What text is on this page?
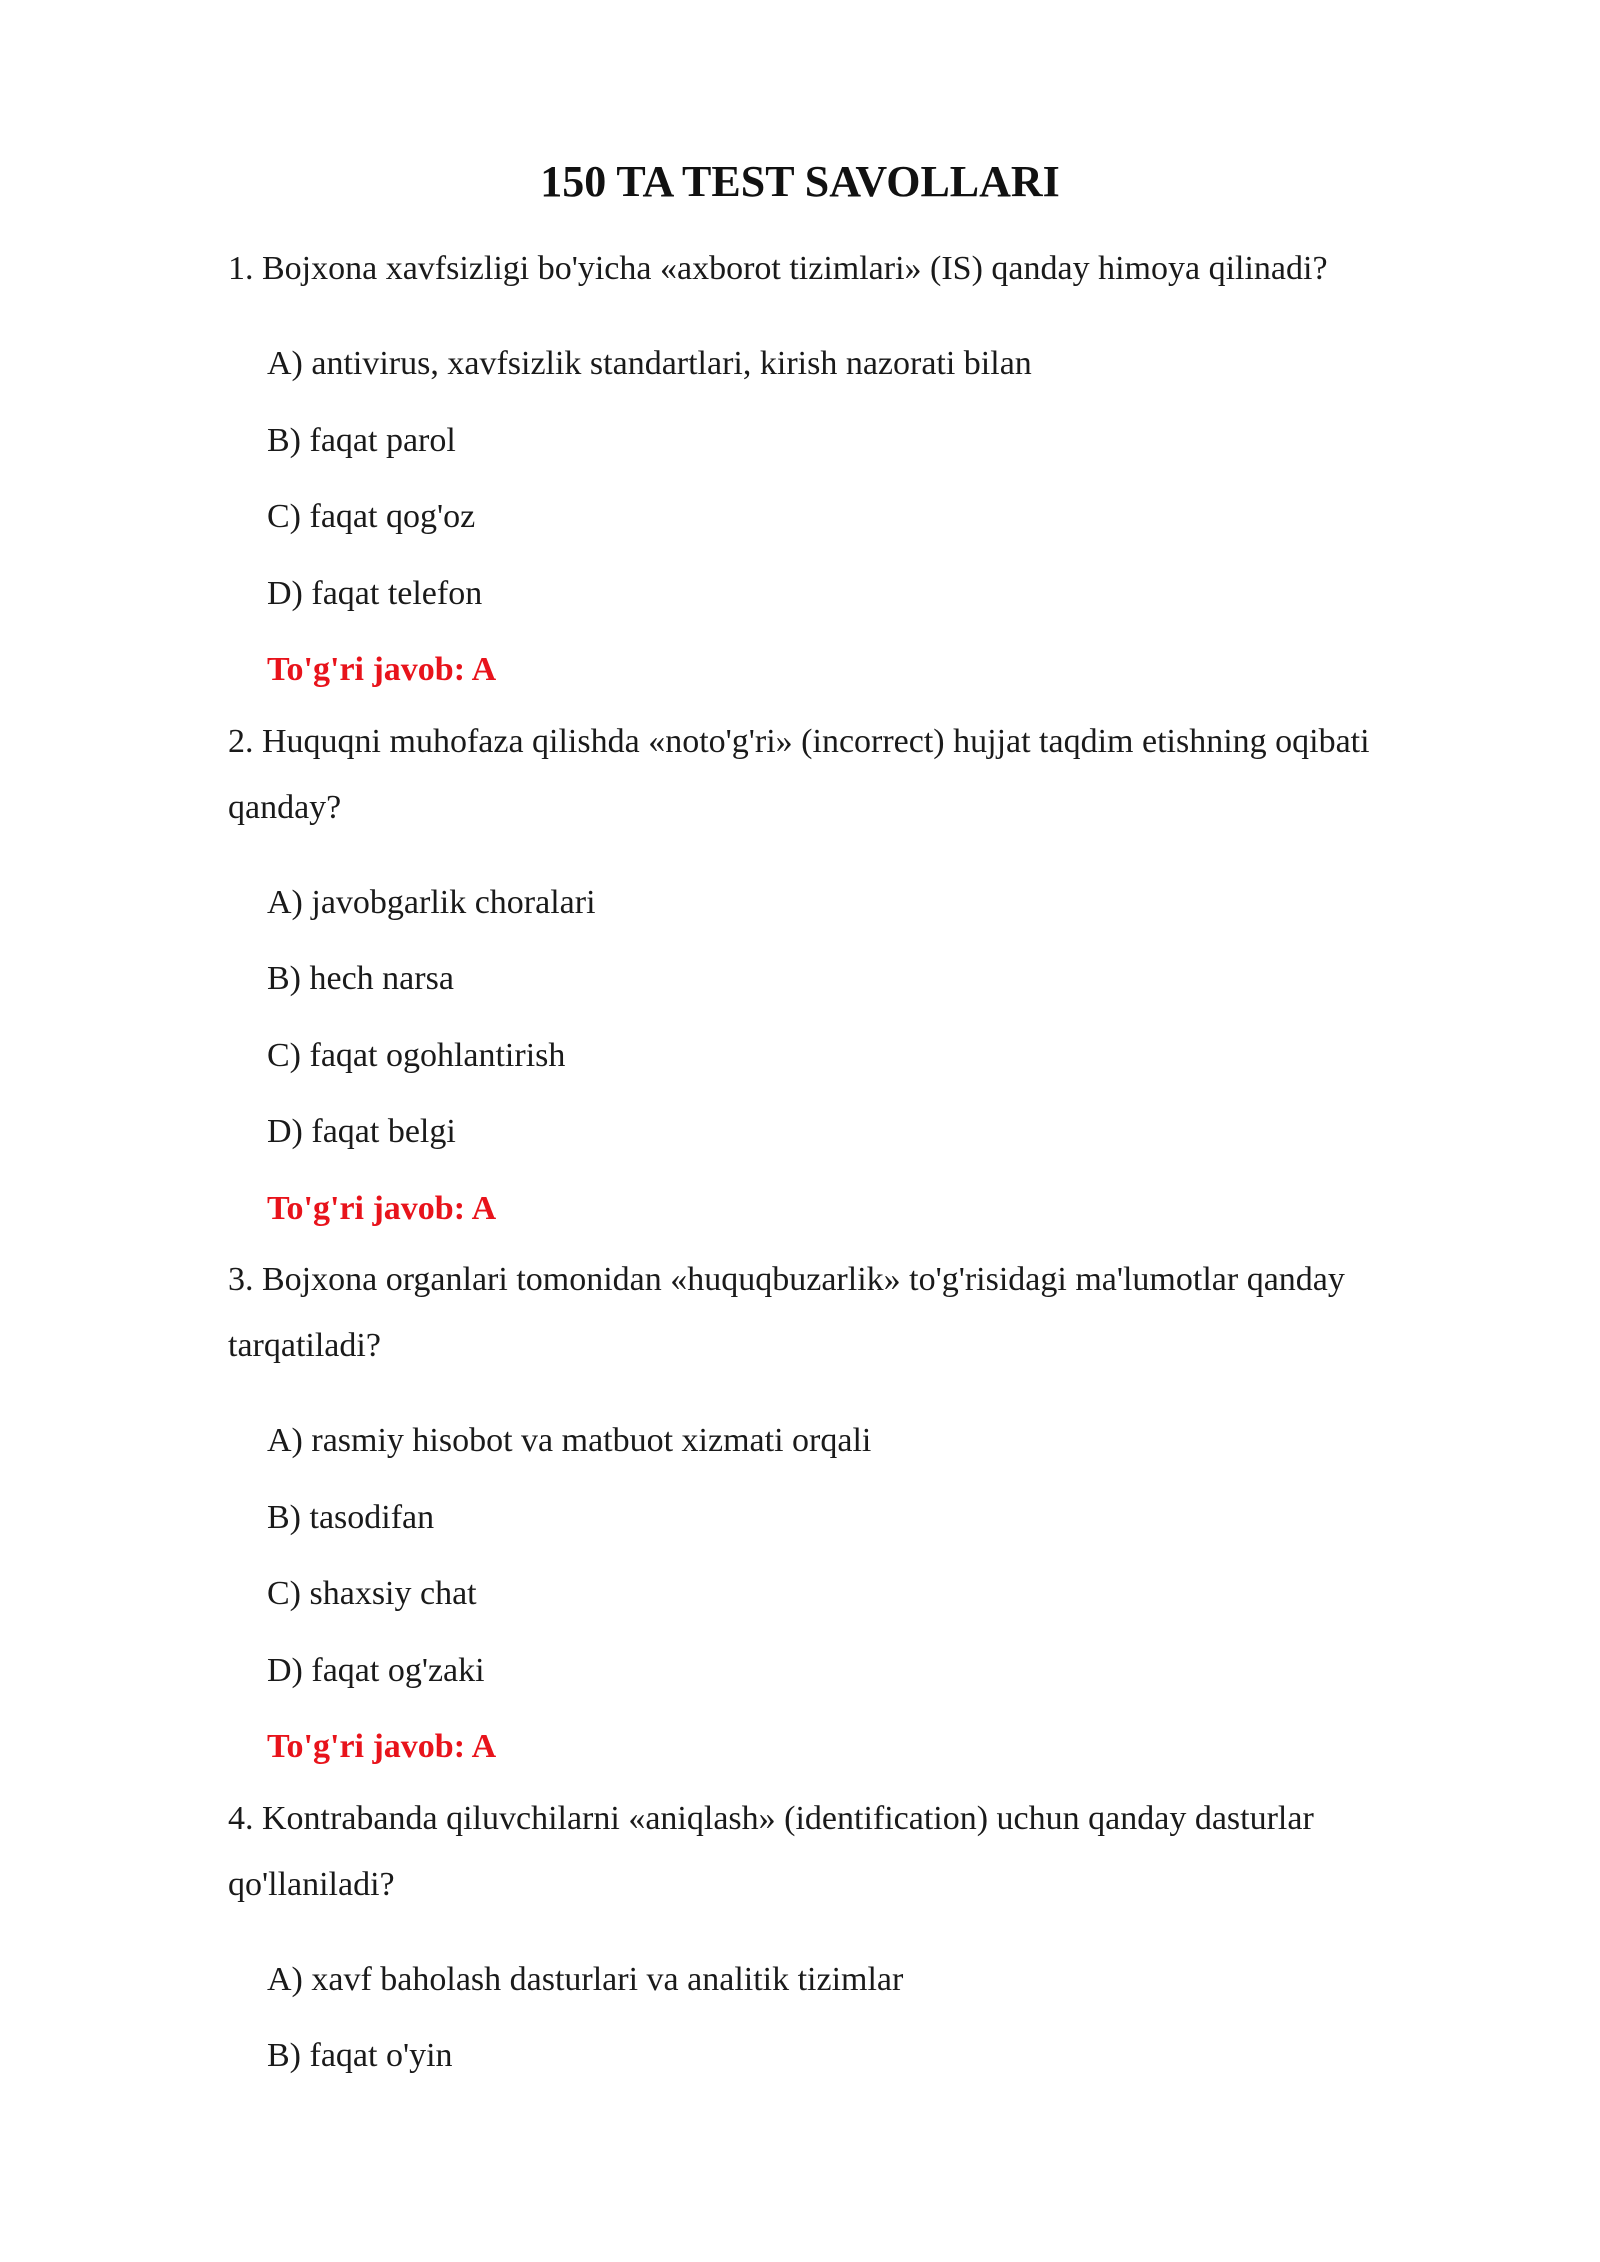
150 TA TEST SAVOLLARI

1. Bojxona xavfsizligi bo'yicha «axborot tizimlari» (IS) qanday himoya qilinadi?

A) antivirus, xavfsizlik standartlari, kirish nazorati bilan
B) faqat parol
C) faqat qog'oz
D) faqat telefon
To'g'ri javob: A

2. Huquqni muhofaza qilishda «noto'g'ri» (incorrect) hujjat taqdim etishning oqibati qanday?

A) javobgarlik choralari
B) hech narsa
C) faqat ogohlantirish
D) faqat belgi
To'g'ri javob: A

3. Bojxona organlari tomonidan «huquqbuzarlik» to'g'risidagi ma'lumotlar qanday tarqatiladi?

A) rasmiy hisobot va matbuot xizmati orqali
B) tasodifan
C) shaxsiy chat
D) faqat og'zaki
To'g'ri javob: A

4. Kontrabanda qiluvchilarni «aniqlash» (identification) uchun qanday dasturlar qo'llaniladi?

A) xavf baholash dasturlari va analitik tizimlar
B) faqat o'yin
